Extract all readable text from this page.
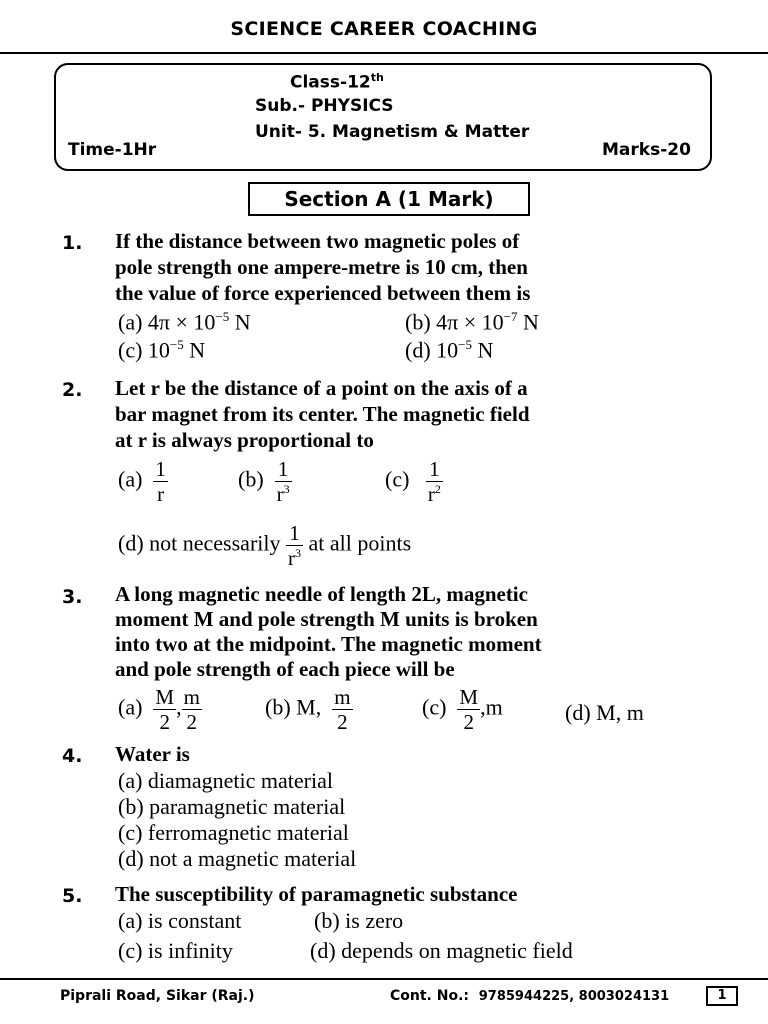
SCIENCE CAREER COACHING
Class-12th
Sub.- PHYSICS
Unit- 5. Magnetism & Matter
Time-1Hr	Marks-20
Section A (1 Mark)
1. If the distance between two magnetic poles of
pole strength one ampere-metre is 10 cm, then
the value of force experienced between them is
(a) $4\pi \times 10^{-5}$ N	(b) $4\pi \times 10^{-7}$ N
(c) $10^{-5}$ N	(d) $10^{-5}$ N
2. Let r be the distance of a point on the axis of a
bar magnet from its center. The magnetic field
at r is always proportional to
$(a) \frac{1}{r}$	$(b) \frac{1}{r^3}$	$(c) \frac{1}{r^2}$
(d) not necessarily $\frac{1}{r^3}$ at all points
3. A long magnetic needle of length 2L, magnetic
moment M and pole strength M units is broken
into two at the midpoint. The magnetic moment
and pole strength of each piece will be
$(a) \frac{M}{2}$ , $\frac{m}{2}$	(b) M, $\frac{m}{2}$	$(c) \frac{M}{2} ,m$	(d) M, m
4. Water is
(a) diamagnetic material
(b) paramagnetic material
(c) ferromagnetic material
(d) not a magnetic material
5. The susceptibility of paramagnetic substance
(a) is constant	(b) is zero
(c) is infinity	(d) depends on magnetic field
Piprali Road, Sikar (Raj.)	Cont. No.: 9785944225, 8003024131	1
